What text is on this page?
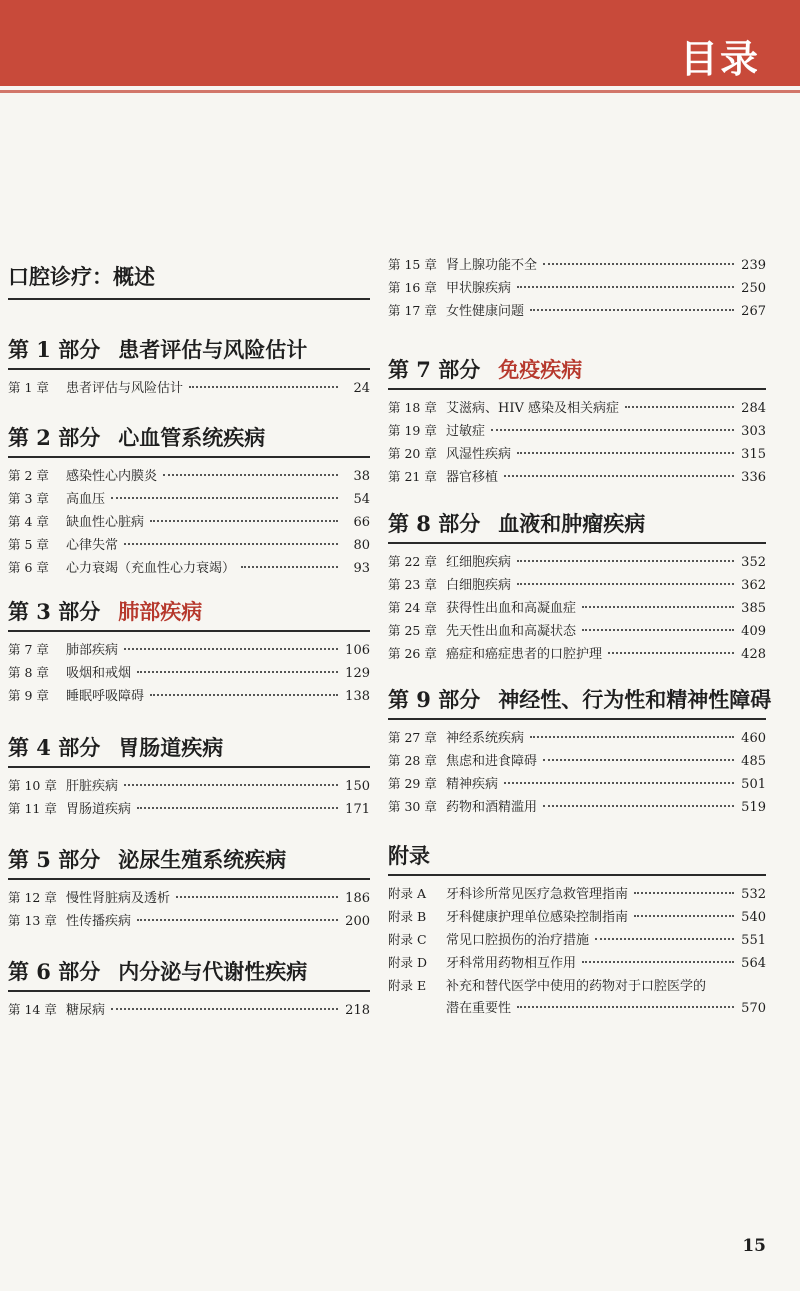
目录
口腔诊疗：概述
第 1 部分 患者评估与风险估计
第 1 章	患者评估与风险估计	24
第 2 部分 心血管系统疾病
第 2 章	感染性心内膜炎	38
第 3 章	高血压	54
第 4 章	缺血性心脏病	66
第 5 章	心律失常	80
第 6 章	心力衰竭（充血性心力衰竭）	93
第 3 部分 肺部疾病
第 7 章	肺部疾病	106
第 8 章	吸烟和戒烟	129
第 9 章	睡眠呼吸障碍	138
第 4 部分 胃肠道疾病
第 10 章 肝脏疾病	150
第 11 章 胃肠道疾病	171
第 5 部分 泌尿生殖系统疾病
第 12 章 慢性肾脏病及透析	186
第 13 章 性传播疾病	200
第 6 部分 内分泌与代谢性疾病
第 14 章 糖尿病	218
第 15 章 肾上腺功能不全	239
第 16 章 甲状腺疾病	250
第 17 章 女性健康问题	267
第 7 部分 免疫疾病
第 18 章 艾滋病、HIV 感染及相关病症	284
第 19 章 过敏症	303
第 20 章 风湿性疾病	315
第 21 章 器官移植	336
第 8 部分 血液和肿瘤疾病
第 22 章 红细胞疾病	352
第 23 章 白细胞疾病	362
第 24 章 获得性出血和高凝血症	385
第 25 章 先天性出血和高凝状态	409
第 26 章 癌症和癌症患者的口腔护理	428
第 9 部分 神经性、行为性和精神性障碍
第 27 章 神经系统疾病	460
第 28 章 焦虑和进食障碍	485
第 29 章 精神疾病	501
第 30 章 药物和酒精滥用	519
附录
附录 A	牙科诊所常见医疗急救管理指南	532
附录 B	牙科健康护理单位感染控制指南	540
附录 C	常见口腔损伤的治疗措施	551
附录 D	牙科常用药物相互作用	564
附录 E	补充和替代医学中使用的药物对于口腔医学的
潜在重要性	570
15
